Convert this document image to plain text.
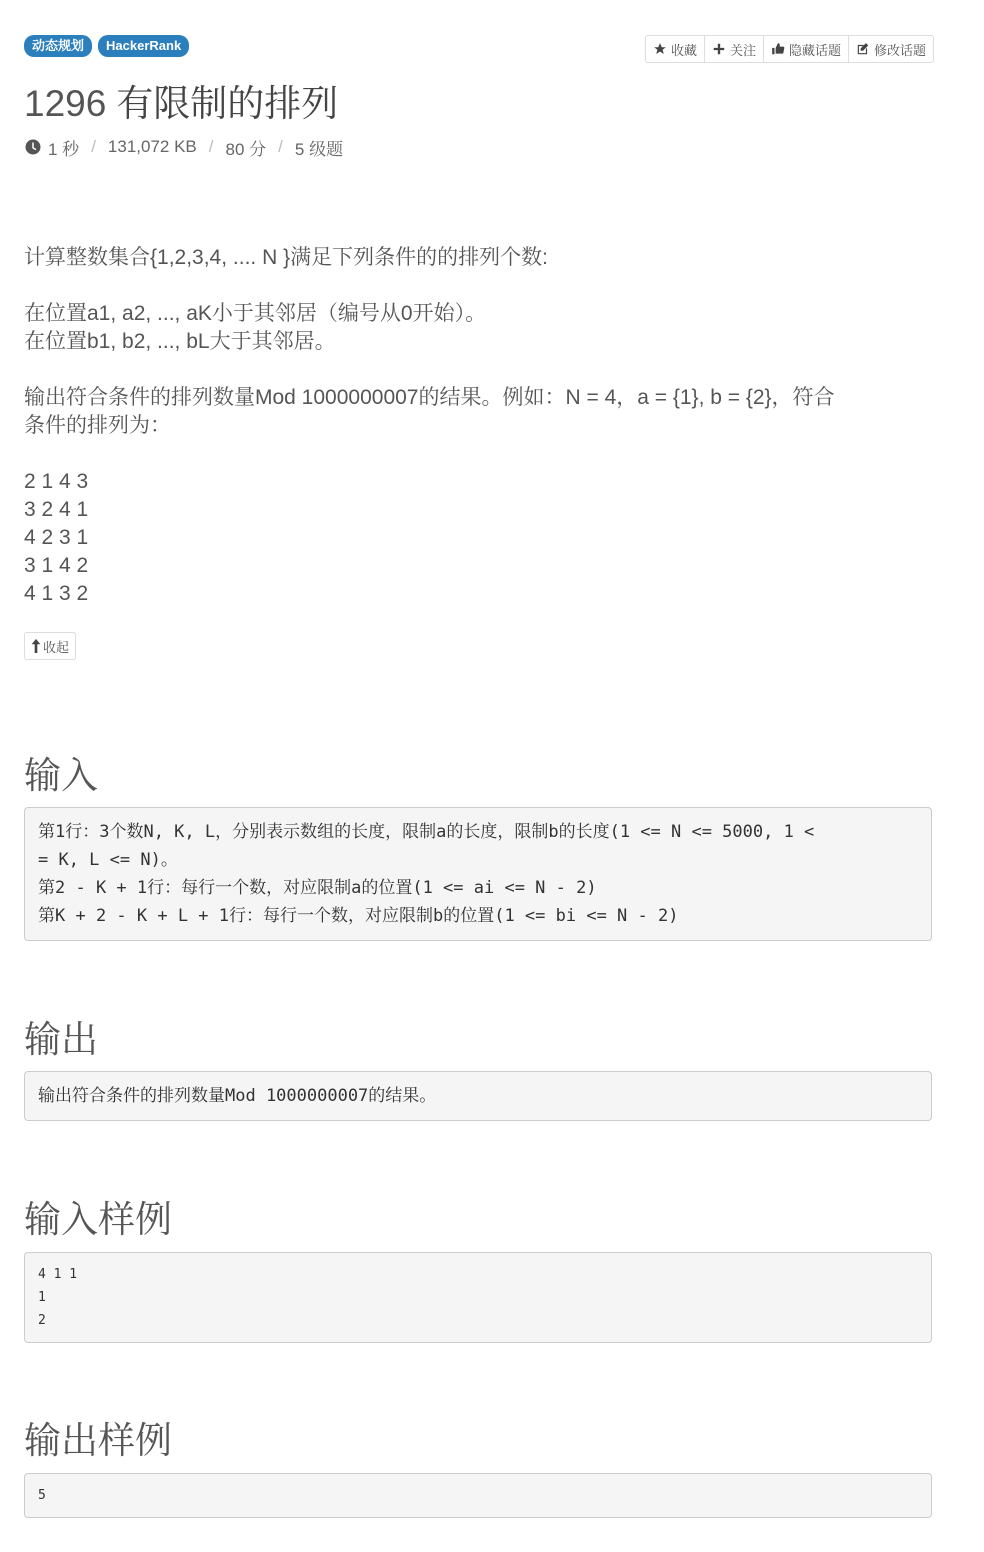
动态规划	HackerRank	收藏	关注	隐藏话题	修改话题
1296 有限制的排列
1 秒 / 131,072 KB / 80 分 / 5 级题

计算整数集合{1,2,3,4, .... N }满足下列条件的的排列个数:

在位置a1, a2, ..., aK小于其邻居（编号从0开始）。

在位置b1, b2, ..., bL大于其邻居。

输出符合条件的排列数量Mod 1000000007的结果。例如：N = 4，a = {1}, b = {2}，符合

条件的排列为：

2 1 4 3

3 2 4 1

4 2 3 1

3 1 4 2

4 1 3 2

收起
输入
第1行：3个数N, K, L，分别表示数组的长度，限制a的长度，限制b的长度(1 <= N <= 5000, 1 <
= K, L <= N)。
第2 - K + 1行：每行一个数，对应限制a的位置(1 <= ai <= N - 2)
第K + 2 - K + L + 1行：每行一个数，对应限制b的位置(1 <= bi <= N - 2)
输出
输出符合条件的排列数量Mod 1000000007的结果。
输入样例
4 1 1
1
2
输出样例
5
